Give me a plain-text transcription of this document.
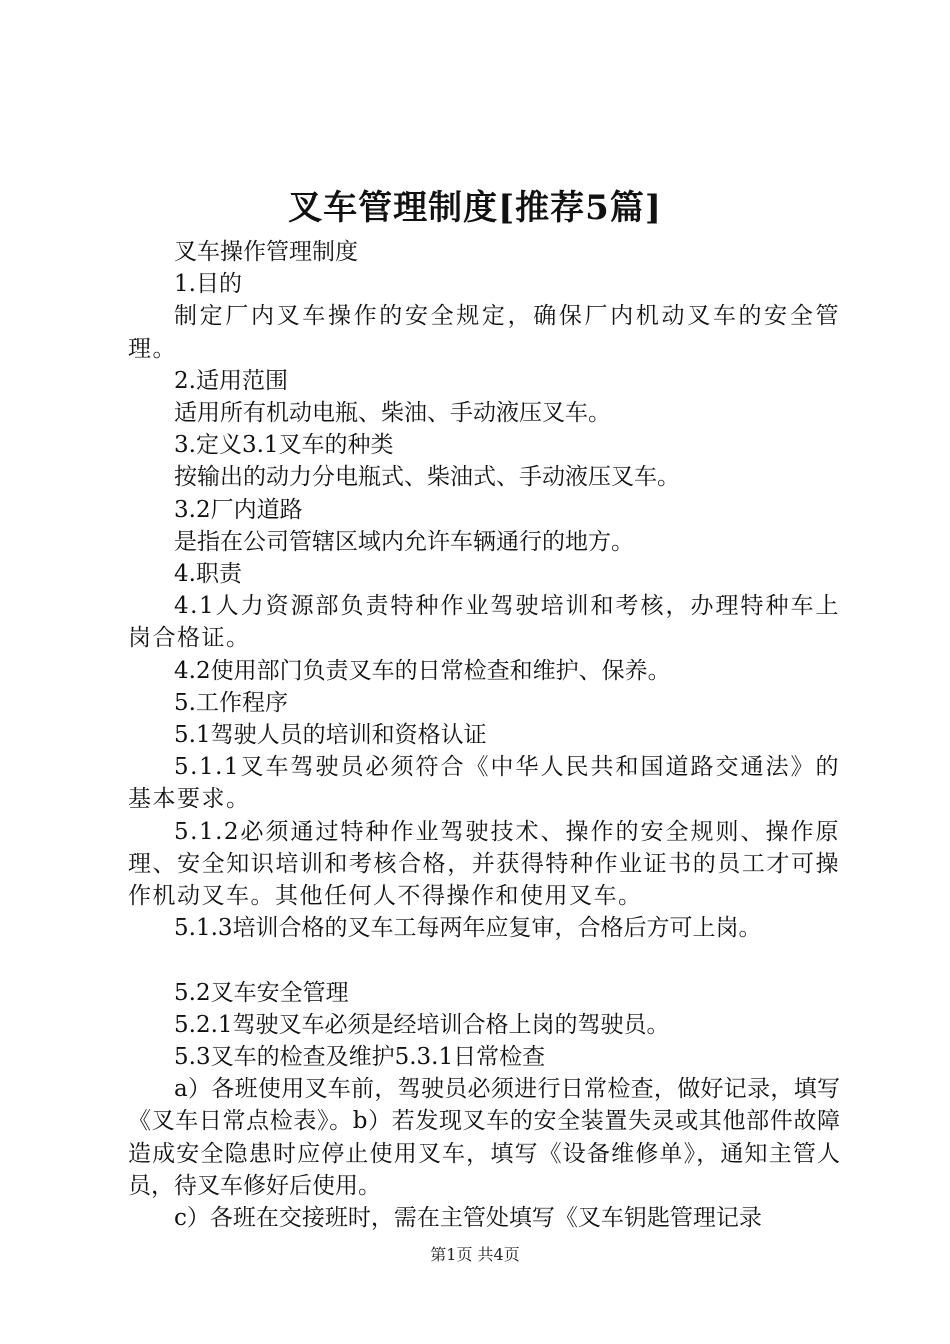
叉车管理制度[推荐5篇]

叉车操作管理制度

1.目的

制定厂内叉车操作的安全规定，确保厂内机动叉车的安全管理。

2.适用范围

适用所有机动电瓶、柴油、手动液压叉车。

3.定义3.1叉车的种类

按输出的动力分电瓶式、柴油式、手动液压叉车。

3.2厂内道路

是指在公司管辖区域内允许车辆通行的地方。

4.职责

4.1人力资源部负责特种作业驾驶培训和考核，办理特种车上岗合格证。

4.2使用部门负责叉车的日常检查和维护、保养。

5.工作程序

5.1驾驶人员的培训和资格认证

5.1.1叉车驾驶员必须符合《中华人民共和国道路交通法》的基本要求。

5.1.2必须通过特种作业驾驶技术、操作的安全规则、操作原理、安全知识培训和考核合格，并获得特种作业证书的员工才可操作机动叉车。其他任何人不得操作和使用叉车。

5.1.3培训合格的叉车工每两年应复审，合格后方可上岗。

5.2叉车安全管理

5.2.1驾驶叉车必须是经培训合格上岗的驾驶员。

5.3叉车的检查及维护5.3.1日常检查

a）各班使用叉车前，驾驶员必须进行日常检查，做好记录，填写《叉车日常点检表》。b）若发现叉车的安全装置失灵或其他部件故障造成安全隐患时应停止使用叉车，填写《设备维修单》，通知主管人员，待叉车修好后使用。

c）各班在交接班时，需在主管处填写《叉车钥匙管理记录

第1页 共4页
